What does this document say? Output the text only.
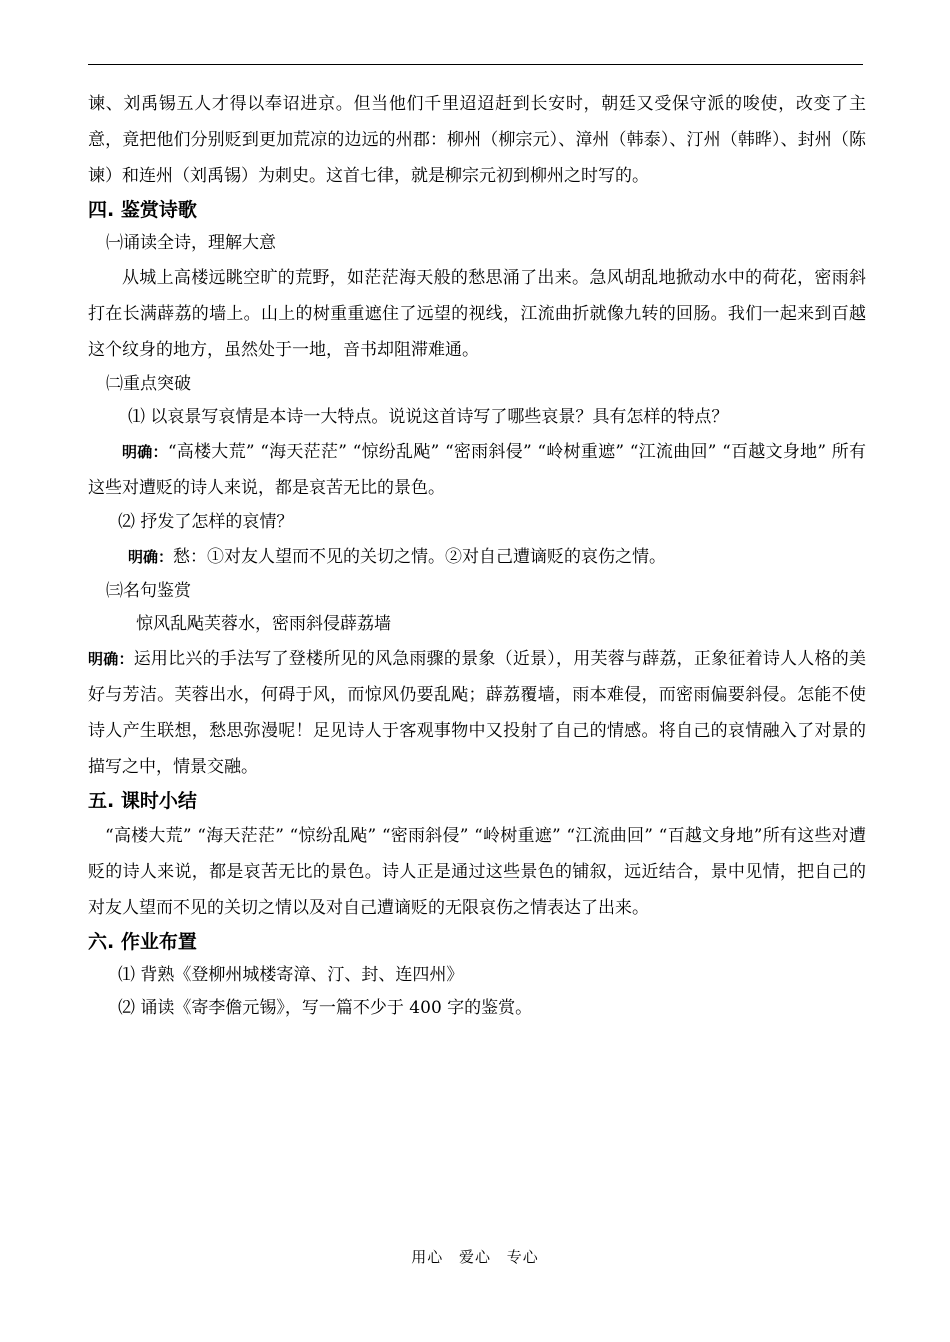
谏、刘禹锡五人才得以奉诏进京。但当他们千里迢迢赶到长安时，朝廷又受保守派的唆使，改变了主意，竟把他们分别贬到更加荒凉的边远的州郡：柳州（柳宗元）、漳州（韩泰）、汀州（韩晔）、封州（陈谏）和连州（刘禹锡）为刺史。这首七律，就是柳宗元初到柳州之时写的。

四. 鉴赏诗歌

㈠诵读全诗，理解大意

从城上高楼远眺空旷的荒野，如茫茫海天般的愁思涌了出来。急风胡乱地掀动水中的荷花，密雨斜打在长满薜荔的墙上。山上的树重重遮住了远望的视线，江流曲折就像九转的回肠。我们一起来到百越这个纹身的地方，虽然处于一地，音书却阻滞难通。

㈡重点突破

⑴ 以哀景写哀情是本诗一大特点。说说这首诗写了哪些哀景？具有怎样的特点？

明确：“高楼大荒” “海天茫茫” “惊纷乱飐” “密雨斜侵” “岭树重遮” “江流曲回” “百越文身地” 所有这些对遭贬的诗人来说，都是哀苦无比的景色。

⑵ 抒发了怎样的哀情？

明确：愁：①对友人望而不见的关切之情。②对自己遭谪贬的哀伤之情。

㈢名句鉴赏

惊风乱飐芙蓉水，密雨斜侵薜荔墙

明确：运用比兴的手法写了登楼所见的风急雨骤的景象（近景），用芙蓉与薜荔，正象征着诗人人格的美好与芳洁。芙蓉出水，何碍于风，而惊风仍要乱飐；薜荔覆墙，雨本难侵，而密雨偏要斜侵。怎能不使诗人产生联想，愁思弥漫呢！足见诗人于客观事物中又投射了自己的情感。将自己的哀情融入了对景的描写之中，情景交融。

五. 课时小结

“高楼大荒” “海天茫茫” “惊纷乱飐” “密雨斜侵” “岭树重遮” “江流曲回” “百越文身地”所有这些对遭贬的诗人来说，都是哀苦无比的景色。诗人正是通过这些景色的铺叙，远近结合，景中见情，把自己的对友人望而不见的关切之情以及对自己遭谪贬的无限哀伤之情表达了出来。

六. 作业布置

⑴ 背熟《登柳州城楼寄漳、汀、封、连四州》

⑵ 诵读《寄李儋元锡》，写一篇不少于 400 字的鉴赏。

用心 爱心 专心
